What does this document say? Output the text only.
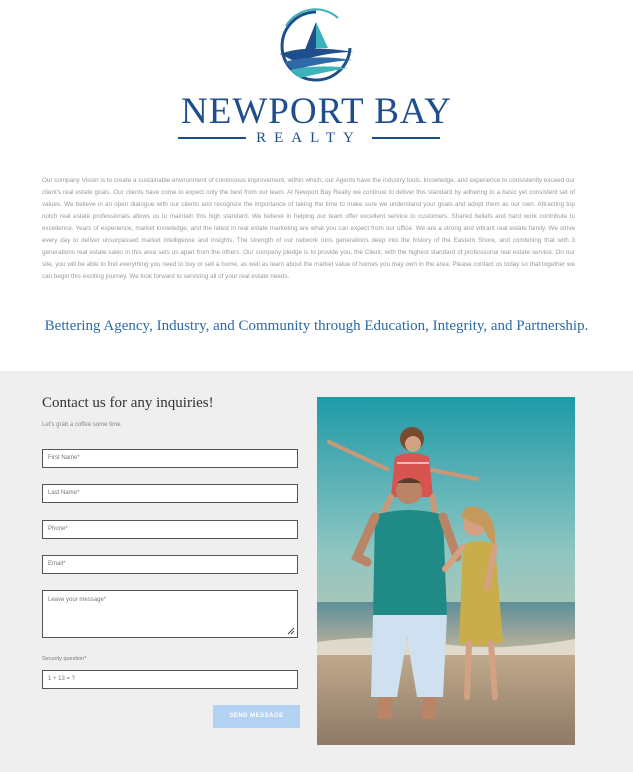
NEWPORT BAY
REALTY
Our company Vision is to create a sustainable environment of continuous improvement, within which, our Agents have the industry tools, knowledge, and experience to consistently exceed our client's real estate goals. Our clients have come to expect only the best from our team. At Newport Bay Realty we continue to deliver this standard by adhering to a basic yet consistent set of values. We believe in an open dialogue with our clients and recognize the importance of taking the time to make sure we understand your goals and adopt them as our own. Attracting top notch real estate professionals allows us to maintain this high standard. We believe in helping our team offer excellent service to customers. Shared beliefs and hard work contribute to excellence. Years of experience, market knowledge, and the latest in real estate marketing are what you can expect from our office. We are a strong and vibrant real estate family. We strive every day to deliver unsurpassed market intelligence and insights. The strength of our network runs generations deep into the history of the Eastern Shore, and combining that with 3 generations real estate sales in this area sets us apart from the others. Our company pledge is to provide you, the Client, with the highest standard of professional real estate service. On our site, you will be able to find everything you need to buy or sell a home, as well as learn about the market value of homes you may own in the area. Please contact us today so that together we can begin this exciting journey. We look forward to servicing all of your real estate needs.
Bettering Agency, Industry, and Community through Education, Integrity, and Partnership.
Contact us for any inquiries!
Let's grab a coffee some time.
First Name*
Last Name*
Phone*
Email*
Leave your message*
Security question*
1 + 13 = ?
SEND MESSAGE
